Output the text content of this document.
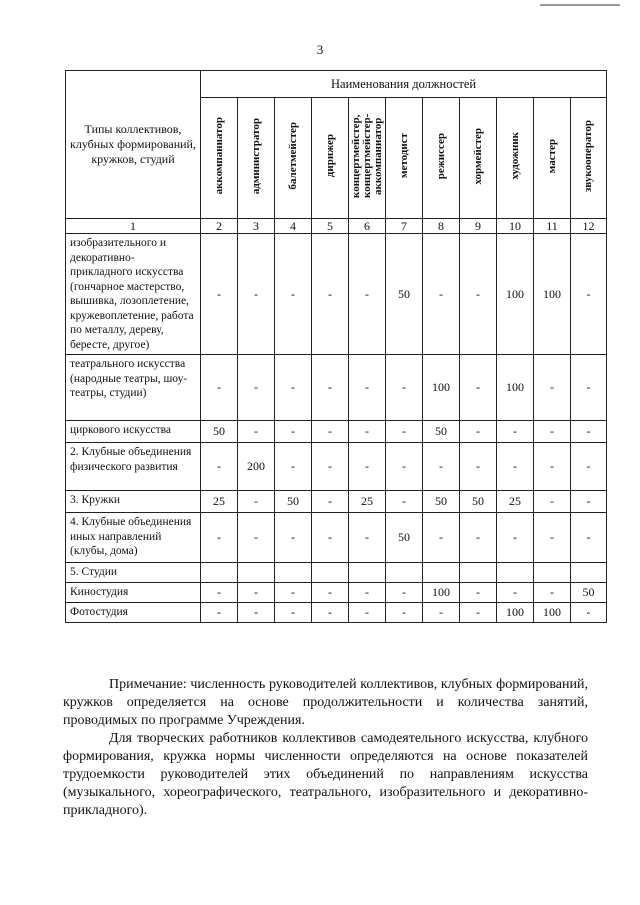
3
Типы коллективов, клубных формирований, кружков, студий	Наименования должностей										
	аккомпаниатор	администратор	балетмейстер	дирижер	концертмейстер, концертмейстер-аккомпаниатор	методист	режиссер	хормейстер	художник	мастер	звукооператор
1	2	3	4	5	6	7	8	9	10	11	12
изобразительного и декоративно-прикладного искусства (гончарное мастерство, вышивка, лозоплетение, кружевоплетение, работа по металлу, дереву, бересте, другое)	-	-	-	-	-	50	-	-	100	100	-
театрального искусства (народные театры, шоу-театры, студии)	-	-	-	-	-	-	100	-	100	-	-
циркового искусства	50	-	-	-	-	-	50	-	-	-	-
2. Клубные объединения физического развития	-	200	-	-	-	-	-	-	-	-	-
3. Кружки	25	-	50	-	25	-	50	50	25	-	-
4. Клубные объединения иных направлений (клубы, дома)	-	-	-	-	-	50	-	-	-	-	-
5. Студии											
Киностудия	-	-	-	-	-	-	100	-	-	-	50
Фотостудия	-	-	-	-	-	-	-	-	100	100	-
Примечание: численность руководителей коллективов, клубных формирований, кружков определяется на основе продолжительности и количества занятий, проводимых по программе Учреждения.
Для творческих работников коллективов самодеятельного искусства, клубного формирования, кружка нормы численности определяются на основе показателей трудоемкости руководителей этих объединений по направлениям искусства (музыкального, хореографического, театрального, изобразительного и декоративно-прикладного).
